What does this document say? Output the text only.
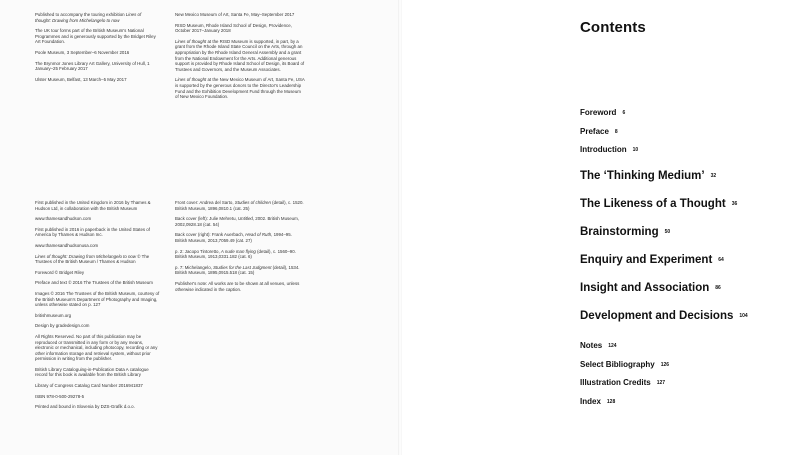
Published to accompany the touring exhibition Lines of thought: Drawing from Michelangelo to now

The UK tour forms part of the British Museum's National Programmes and is generously supported by the Bridget Riley Art Foundation.

Poole Museum, 3 September–6 November 2016

The Brynmor Jones Library Art Gallery, University of Hull, 1 January–25 February 2017

Ulster Museum, Belfast, 13 March–5 May 2017

New Mexico Museum of Art, Santa Fe, May–September 2017

RISD Museum, Rhode Island School of Design, Providence, October 2017–January 2018

Lines of thought at the RISD Museum is supported, in part, by a grant from the Rhode Island State Council on the Arts, through an appropriation by the Rhode Island General Assembly and a grant from the National Endowment for the Arts. Additional generous support is provided by Rhode Island School of Design, its Board of Trustees and Governors, and the Museum Associates.

Lines of thought at the New Mexico Museum of Art, Santa Fe, USA is supported by the generous donors to the Director's Leadership Fund and the Exhibition Development Fund through the Museum of New Mexico Foundation.

First published in the United Kingdom in 2016 by Thames & Hudson Ltd, in collaboration with the British Museum

www.thamesandhudson.com

First published in 2016 in paperback in the United States of America by Thames & Hudson Inc.

www.thamesandhudsonusa.com

Lines of thought: Drawing from Michelangelo to now © The Trustees of the British Museum / Thames & Hudson

Foreword © Bridget Riley

Preface and text © 2016 The Trustees of the British Museum

Images © 2016 The Trustees of the British Museum, courtesy of the British Museum's Department of Photography and Imaging, unless otherwise stated on p. 127

britishmuseum.org

Design by gradedesign.com

All Rights Reserved. No part of this publication may be reproduced or transmitted in any form or by any means, electronic or mechanical, including photocopy, recording or any other information storage and retrieval system, without prior permission in writing from the publisher.

British Library Cataloguing-in-Publication Data A catalogue record for this book is available from the British Library

Library of Congress Catalog Card Number 2016941837

ISBN 978-0-500-29278-5

Printed and bound in Slovenia by DZS-Grafik d.o.o.

Front cover: Andrea del Sarto, Studies of children (detail), c. 1520. British Museum, 1896,0810.1 (cat. 25)

Back cover (left): Julie Mehretu, Untitled, 2002. British Museum, 2002,0928.18 (cat. 54)

Back cover (right): Frank Auerbach, Head of Ruth, 1994–95. British Museum, 2013,7059.49 (cat. 27)

p. 2: Jacopo Tintoretto, A nude man flying (detail), c. 1560–90. British Museum, 1913,0331.182 (cat. 6)

p. 7: Michelangelo, Studies for the Last Judgment (detail), 1534. British Museum, 1895,0915.518 (cat. 15)

Publisher's note: All works are to be shown at all venues, unless otherwise indicated in the caption.

Contents
Foreword 6
Preface 8
Introduction 10
The ‘Thinking Medium’ 32
The Likeness of a Thought 36
Brainstorming 50
Enquiry and Experiment 64
Insight and Association 86
Development and Decisions 104
Notes 124
Select Bibliography 126
Illustration Credits 127
Index 128
